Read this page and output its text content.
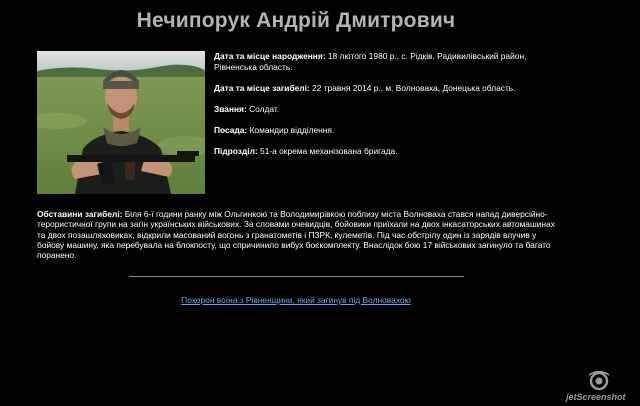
Нечипорук Андрій Дмитрович
Дата та місце народження: 18 лютого 1980 р., с. Рідків, Радивилівський район, Рівненська область.
Дата та місце загибелі: 22 травня 2014 р., м. Волноваха, Донецька область.
Звання: Солдат.
Посада: Командир відділення.
Підрозділ: 51-а окрема механізована бригада.
Обставини загибелі: Біля 6-ї години ранку між Ольгинкою та Володимирівкою поблизу міста Волноваха стався напад диверсійно-терористичної групи на загін українських військових. За словами очевидців, бойовики приїхали на двох інкасаторських автомашинах та двох позашляховиках, відкрили масований вогонь з гранатометів і ПЗРК, кулеметів. Під час обстрілу один із зарядів влучив у бойову машину, яка перебувала на блокпосту, що спричинило вибух боєкомплекту. Внаслідок бою 17 військових загинуло та багато поранено.
Похорон воїна з Рівненщини, який загинув під Волновахою
jetScreenshot
